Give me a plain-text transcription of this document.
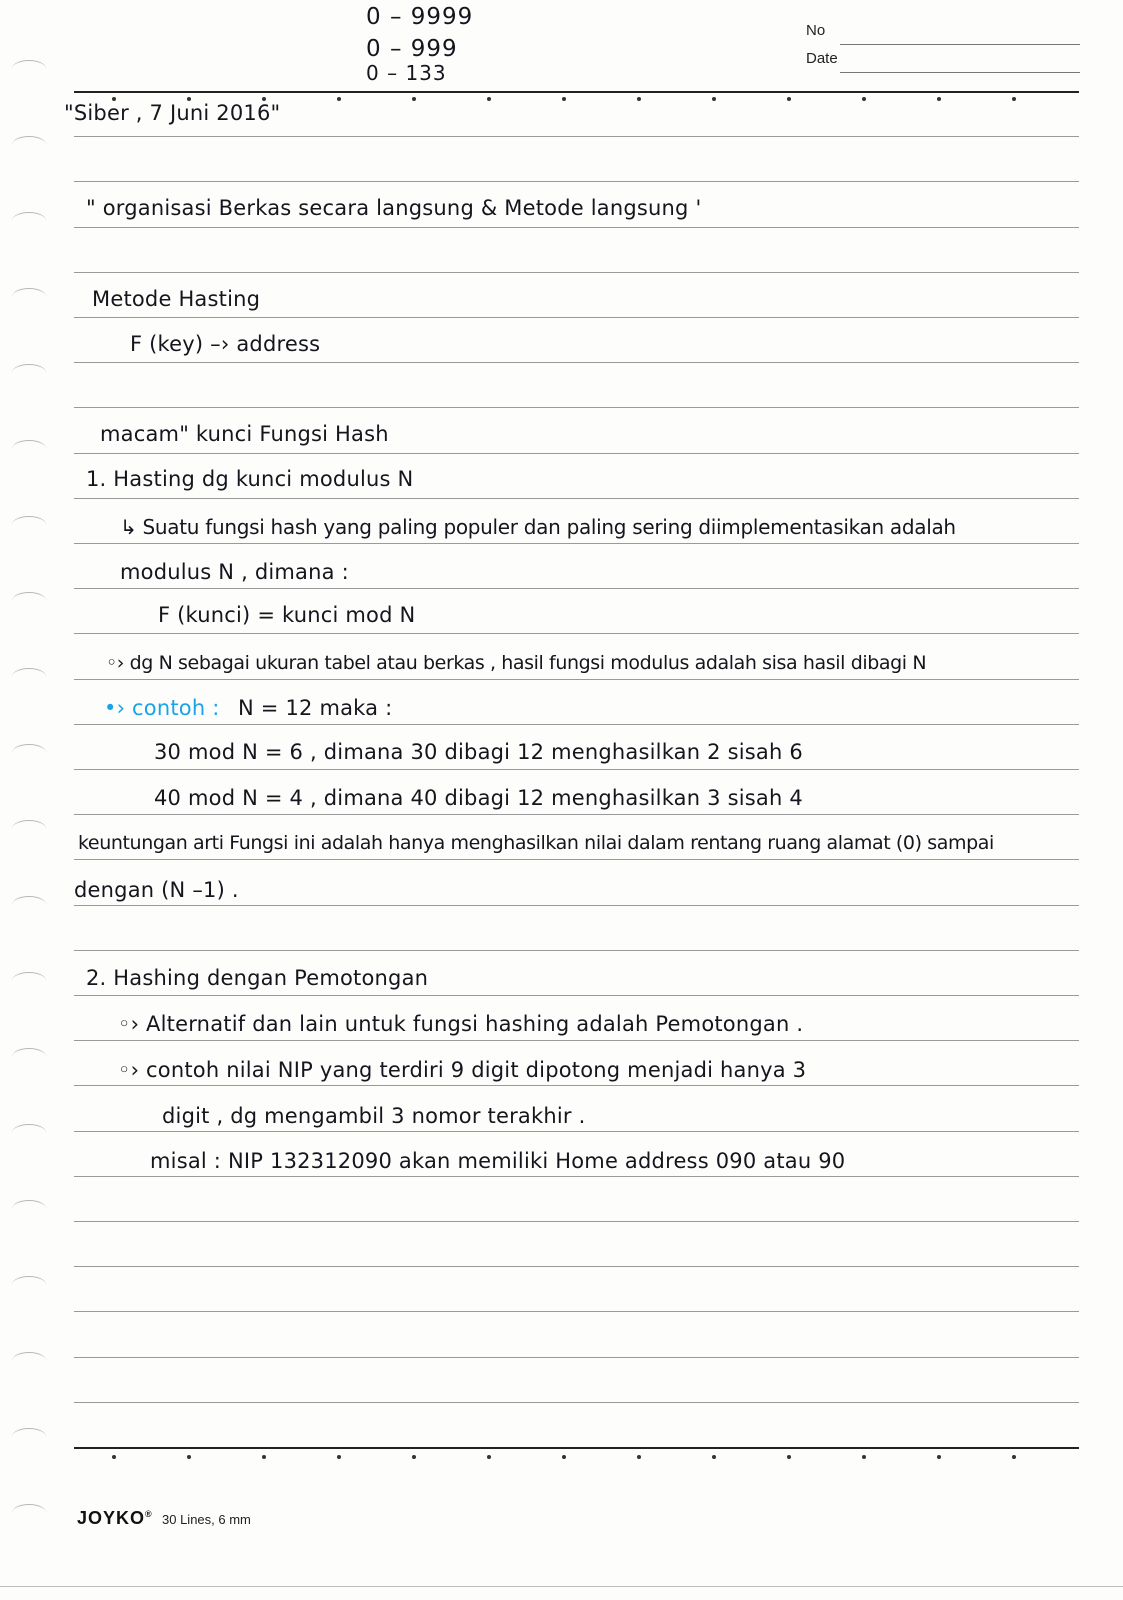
0 – 9999
0 – 999
0 – 133
No
Date
"Siber , 7 Juni 2016"
" organisasi Berkas secara langsung & Metode langsung '
Metode Hasting
F (key) –› address
macam" kunci Fungsi Hash
1. Hasting dg kunci modulus N
↳ Suatu fungsi hash yang paling populer dan paling sering diimplementasikan adalah
modulus N , dimana :
F (kunci) = kunci mod N
◦› dg N sebagai ukuran tabel atau berkas , hasil fungsi modulus adalah sisa hasil dibagi N
•› contoh : N = 12 maka :
30 mod N = 6 , dimana 30 dibagi 12 menghasilkan 2 sisah 6
40 mod N = 4 , dimana 40 dibagi 12 menghasilkan 3 sisah 4
keuntungan arti Fungsi ini adalah hanya menghasilkan nilai dalam rentang ruang alamat (0) sampai
dengan (N –1) .
2. Hashing dengan Pemotongan
◦› Alternatif dan lain untuk fungsi hashing adalah Pemotongan .
◦› contoh nilai NIP yang terdiri 9 digit dipotong menjadi hanya 3
digit , dg mengambil 3 nomor terakhir .
misal : NIP 132312090 akan memiliki Home address 090 atau 90
JOYKO® 30 Lines, 6 mm
